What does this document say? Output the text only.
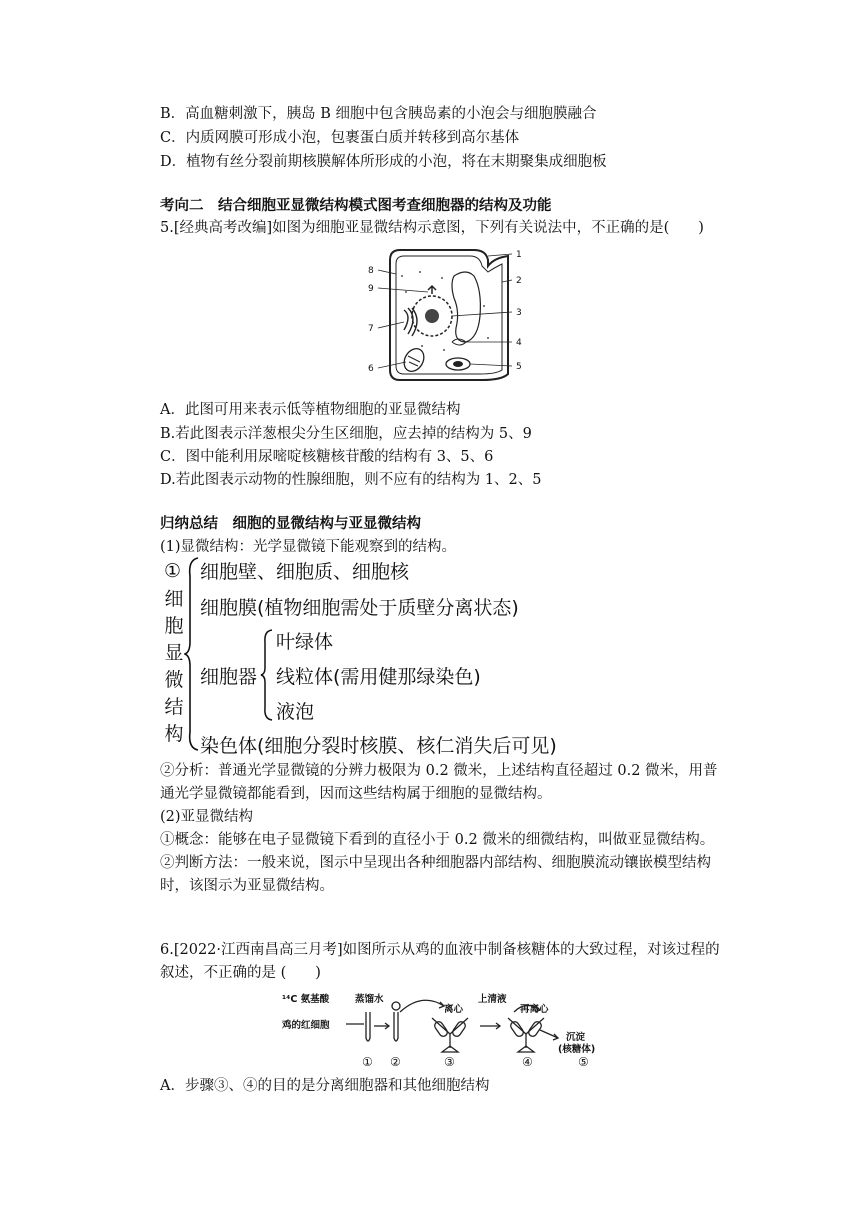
B．高血糖刺激下，胰岛 B 细胞中包含胰岛素的小泡会与细胞膜融合
C．内质网膜可形成小泡，包裹蛋白质并转移到高尔基体
D．植物有丝分裂前期核膜解体所形成的小泡，将在末期聚集成细胞板
考向二　结合细胞亚显微结构模式图考查细胞器的结构及功能
5.[经典高考改编]如图为细胞亚显微结构示意图，下列有关说法中，不正确的是(　　)
1
2
3
4
5
6
7
8
9
A．此图可用来表示低等植物细胞的亚显微结构
B.若此图表示洋葱根尖分生区细胞，应去掉的结构为 5、9
C．图中能利用尿嘧啶核糖核苷酸的结构有 3、5、6
D.若此图表示动物的性腺细胞，则不应有的结构为 1、2、5
归纳总结　细胞的显微结构与亚显微结构
(1)显微结构：光学显微镜下能观察到的结构。
①
细
胞
显
微
结
构
细胞壁、细胞质、细胞核
细胞膜(植物细胞需处于质壁分离状态)
细胞器
叶绿体
线粒体(需用健那绿染色)
液泡
染色体(细胞分裂时核膜、核仁消失后可见)
②分析：普通光学显微镜的分辨力极限为 0.2 微米，上述结构直径超过 0.2 微米，用普
通光学显微镜都能看到，因而这些结构属于细胞的显微结构。
(2)亚显微结构
①概念：能够在电子显微镜下看到的直径小于 0.2 微米的细微结构，叫做亚显微结构。
②判断方法：一般来说，图示中呈现出各种细胞器内部结构、细胞膜流动镶嵌模型结构
时，该图示为亚显微结构。
6.[2022·江西南昌高三月考]如图所示从鸡的血液中制备核糖体的大致过程，对该过程的
叙述，不正确的是 (　　)
¹⁴C 氨基酸	蒸馏水
鸡的红细胞
离心
上清液
再离心
沉淀
(核糖体)
① ②	③	④	⑤
A．步骤③、④的目的是分离细胞器和其他细胞结构
